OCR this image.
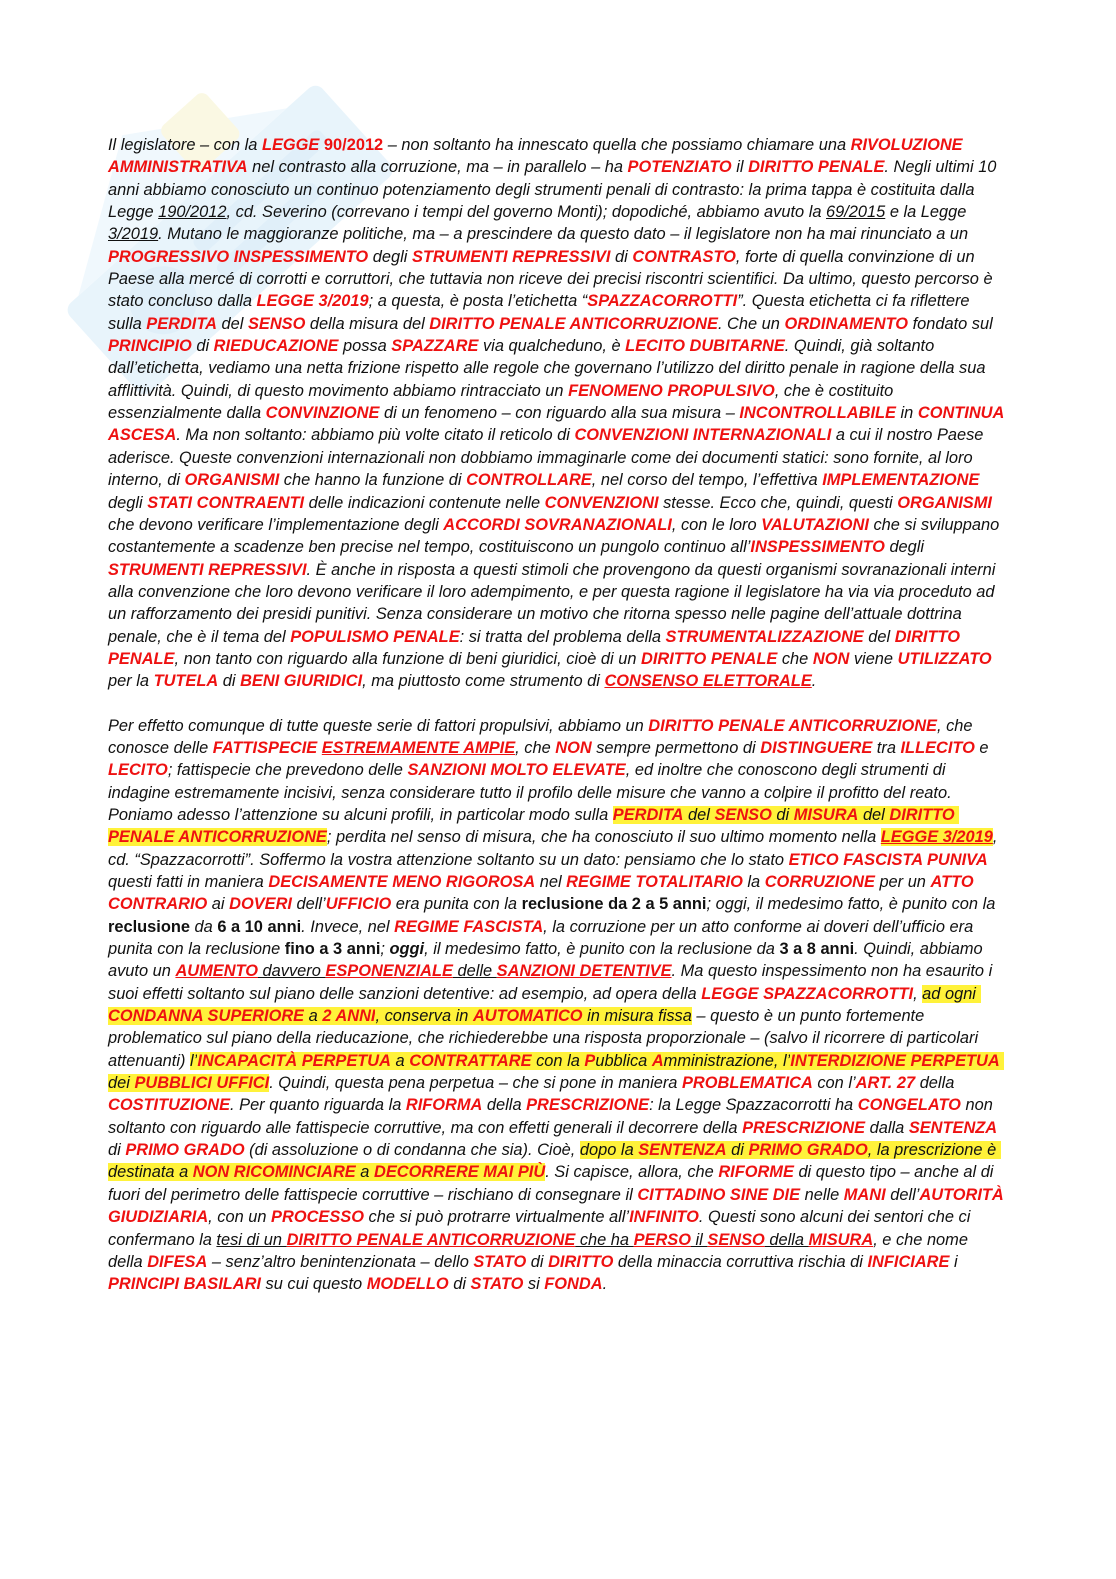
Il legislatore – con la LEGGE 90/2012 – non soltanto ha innescato quella che possiamo chiamare una RIVOLUZIONE AMMINISTRATIVA nel contrasto alla corruzione, ma – in parallelo – ha POTENZIATO il DIRITTO PENALE. Negli ultimi 10 anni abbiamo conosciuto un continuo potenziamento degli strumenti penali di contrasto: la prima tappa è costituita dalla Legge 190/2012, cd. Severino (correvano i tempi del governo Monti); dopodiché, abbiamo avuto la 69/2015 e la Legge 3/2019. Mutano le maggioranze politiche, ma – a prescindere da questo dato – il legislatore non ha mai rinunciato a un PROGRESSIVO INSPESSIMENTO degli STRUMENTI REPRESSIVI di CONTRASTO, forte di quella convinzione di un Paese alla mercé di corrotti e corruttori, che tuttavia non riceve dei precisi riscontri scientifici. Da ultimo, questo percorso è stato concluso dalla LEGGE 3/2019; a questa, è posta l’etichetta “SPAZZACORROTTI”. Questa etichetta ci fa riflettere sulla PERDITA del SENSO della misura del DIRITTO PENALE ANTICORRUZIONE. Che un ORDINAMENTO fondato sul PRINCIPIO di RIEDUCAZIONE possa SPAZZARE via qualcheduno, è LECITO DUBITARNE. Quindi, già soltanto dall’etichetta, vediamo una netta frizione rispetto alle regole che governano l’utilizzo del diritto penale in ragione della sua afflittività. Quindi, di questo movimento abbiamo rintracciato un FENOMENO PROPULSIVO, che è costituito essenzialmente dalla CONVINZIONE di un fenomeno – con riguardo alla sua misura – INCONTROLLABILE in CONTINUA ASCESA. Ma non soltanto: abbiamo più volte citato il reticolo di CONVENZIONI INTERNAZIONALI a cui il nostro Paese aderisce. Queste convenzioni internazionali non dobbiamo immaginarle come dei documenti statici: sono fornite, al loro interno, di ORGANISMI che hanno la funzione di CONTROLLARE, nel corso del tempo, l’effettiva IMPLEMENTAZIONE degli STATI CONTRAENTI delle indicazioni contenute nelle CONVENZIONI stesse. Ecco che, quindi, questi ORGANISMI che devono verificare l’implementazione degli ACCORDI SOVRANAZIONALI, con le loro VALUTAZIONI che si sviluppano costantemente a scadenze ben precise nel tempo, costituiscono un pungolo continuo all’INSPESSIMENTO degli STRUMENTI REPRESSIVI. È anche in risposta a questi stimoli che provengono da questi organismi sovranazionali interni alla convenzione che loro devono verificare il loro adempimento, e per questa ragione il legislatore ha via via proceduto ad un rafforzamento dei presidi punitivi. Senza considerare un motivo che ritorna spesso nelle pagine dell’attuale dottrina penale, che è il tema del POPULISMO PENALE: si tratta del problema della STRUMENTALIZZAZIONE del DIRITTO PENALE, non tanto con riguardo alla funzione di beni giuridici, cioè di un DIRITTO PENALE che NON viene UTILIZZATO per la TUTELA di BENI GIURIDICI, ma piuttosto come strumento di CONSENSO ELETTORALE.

Per effetto comunque di tutte queste serie di fattori propulsivi, abbiamo un DIRITTO PENALE ANTICORRUZIONE, che conosce delle FATTISPECIE ESTREMAMENTE AMPIE, che NON sempre permettono di DISTINGUERE tra ILLECITO e LECITO; fattispecie che prevedono delle SANZIONI MOLTO ELEVATE, ed inoltre che conoscono degli strumenti di indagine estremamente incisivi, senza considerare tutto il profilo delle misure che vanno a colpire il profitto del reato. Poniamo adesso l’attenzione su alcuni profili, in particolar modo sulla PERDITA del SENSO di MISURA del DIRITTO PENALE ANTICORRUZIONE; perdita nel senso di misura, che ha conosciuto il suo ultimo momento nella LEGGE 3/2019, cd. “Spazzacorrotti”. Soffermo la vostra attenzione soltanto su un dato: pensiamo che lo stato ETICO FASCISTA PUNIVA questi fatti in maniera DECISAMENTE MENO RIGOROSA nel REGIME TOTALITARIO la CORRUZIONE per un ATTO CONTRARIO ai DOVERI dell’UFFICIO era punita con la reclusione da 2 a 5 anni; oggi, il medesimo fatto, è punito con la reclusione da 6 a 10 anni. Invece, nel REGIME FASCISTA, la corruzione per un atto conforme ai doveri dell’ufficio era punita con la reclusione fino a 3 anni; oggi, il medesimo fatto, è punito con la reclusione da 3 a 8 anni. Quindi, abbiamo avuto un AUMENTO davvero ESPONENZIALE delle SANZIONI DETENTIVE. Ma questo inspessimento non ha esaurito i suoi effetti soltanto sul piano delle sanzioni detentive: ad esempio, ad opera della LEGGE SPAZZACORROTTI, ad ogni CONDANNA SUPERIORE a 2 ANNI, conserva in AUTOMATICO in misura fissa – questo è un punto fortemente problematico sul piano della rieducazione, che richiederebbe una risposta proporzionale – (salvo il ricorrere di particolari attenuanti) l’INCAPACITÀ PERPETUA a CONTRATTARE con la Pubblica Amministrazione, l’INTERDIZIONE PERPETUA dei PUBBLICI UFFICI. Quindi, questa pena perpetua – che si pone in maniera PROBLEMATICA con l’ART. 27 della COSTITUZIONE. Per quanto riguarda la RIFORMA della PRESCRIZIONE: la Legge Spazzacorrotti ha CONGELATO non soltanto con riguardo alle fattispecie corruttive, ma con effetti generali il decorrere della PRESCRIZIONE dalla SENTENZA di PRIMO GRADO (di assoluzione o di condanna che sia). Cioè, dopo la SENTENZA di PRIMO GRADO, la prescrizione è destinata a NON RICOMINCIARE a DECORRERE MAI PIÙ. Si capisce, allora, che RIFORME di questo tipo – anche al di fuori del perimetro delle fattispecie corruttive – rischiano di consegnare il CITTADINO SINE DIE nelle MANI dell’AUTORITÀ GIUDIZIARIA, con un PROCESSO che si può protrarre virtualmente all’INFINITO. Questi sono alcuni dei sentori che ci confermano la tesi di un DIRITTO PENALE ANTICORRUZIONE che ha PERSO il SENSO della MISURA, e che nome della DIFESA – senz’altro benintenzionata – dello STATO di DIRITTO della minaccia corruttiva rischia di INFICIARE i PRINCIPI BASILARI su cui questo MODELLO di STATO si FONDA.
